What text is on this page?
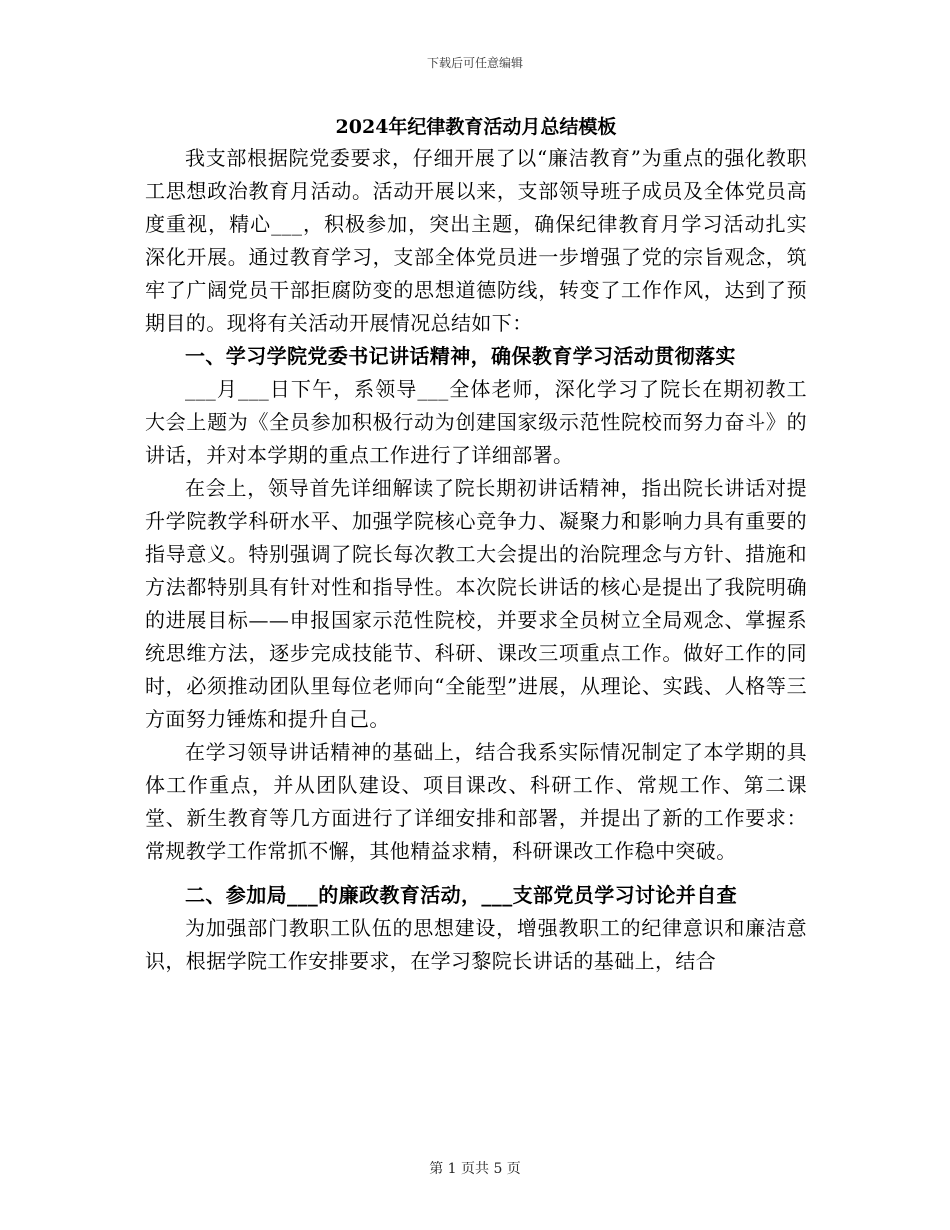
下载后可任意编辑
2024年纪律教育活动月总结模板

我支部根据院党委要求，仔细开展了以“廉洁教育”为重点的强化教职工思想政治教育月活动。活动开展以来，支部领导班子成员及全体党员高度重视，精心___，积极参加，突出主题，确保纪律教育月学习活动扎实深化开展。通过教育学习，支部全体党员进一步增强了党的宗旨观念，筑牢了广阔党员干部拒腐防变的思想道德防线，转变了工作作风，达到了预期目的。现将有关活动开展情况总结如下：

一、学习学院党委书记讲话精神，确保教育学习活动贯彻落实

___月___日下午，系领导___全体老师，深化学习了院长在期初教工大会上题为《全员参加积极行动为创建国家级示范性院校而努力奋斗》的讲话，并对本学期的重点工作进行了详细部署。

在会上，领导首先详细解读了院长期初讲话精神，指出院长讲话对提升学院教学科研水平、加强学院核心竞争力、凝聚力和影响力具有重要的指导意义。特别强调了院长每次教工大会提出的治院理念与方针、措施和方法都特别具有针对性和指导性。本次院长讲话的核心是提出了我院明确的进展目标——申报国家示范性院校，并要求全员树立全局观念、掌握系统思维方法，逐步完成技能节、科研、课改三项重点工作。做好工作的同时，必须推动团队里每位老师向“全能型”进展，从理论、实践、人格等三方面努力锤炼和提升自己。

在学习领导讲话精神的基础上，结合我系实际情况制定了本学期的具体工作重点，并从团队建设、项目课改、科研工作、常规工作、第二课堂、新生教育等几方面进行了详细安排和部署，并提出了新的工作要求：常规教学工作常抓不懈，其他精益求精，科研课改工作稳中突破。

二、参加局___的廉政教育活动，___支部党员学习讨论并自查

为加强部门教职工队伍的思想建设，增强教职工的纪律意识和廉洁意识，根据学院工作安排要求，在学习黎院长讲话的基础上，结合

第 1 页共 5 页
